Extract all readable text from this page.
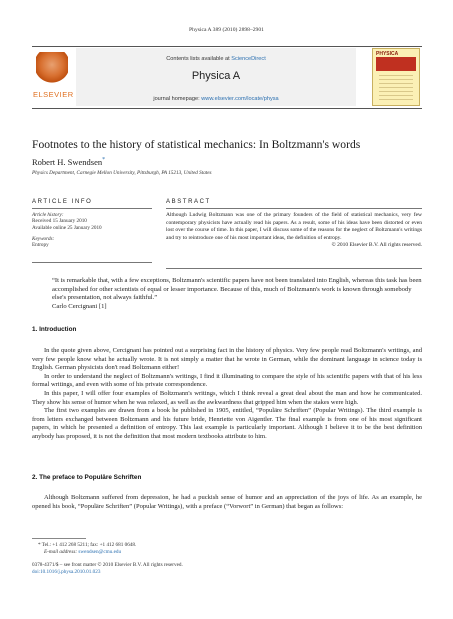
Physica A 389 (2010) 2898–2901
ELSEVIER
Contents lists available at ScienceDirect
Physica A
journal homepage: www.elsevier.com/locate/physa
PHYSICA
Footnotes to the history of statistical mechanics: In Boltzmann's words
Robert H. Swendsen*
Physics Department, Carnegie Mellon University, Pittsburgh, PA 15213, United States
ARTICLE INFO
Article history:
Received 15 January 2010
Available online 25 January 2010
Keywords:
Entropy
ABSTRACT
Although Ludwig Boltzmann was one of the primary founders of the field of statistical mechanics, very few contemporary physicists have actually read his papers. As a result, some of his ideas have been distorted or even lost over the course of time. In this paper, I will discuss some of the reasons for the neglect of Boltzmann's writings and try to reintroduce one of his most important ideas, the definition of entropy.
© 2010 Elsevier B.V. All rights reserved.
“It is remarkable that, with a few exceptions, Boltzmann's scientific papers have not been translated into English, whereas this task has been accomplished for other scientists of equal or lesser importance. Because of this, much of Boltzmann's work is known through somebody else's presentation, not always faithful.”
Carlo Cercignani [1]
1. Introduction

In the quote given above, Cercignani has pointed out a surprising fact in the history of physics. Very few people read Boltzmann's writings, and very few people know what he actually wrote. It is not simply a matter that he wrote in German, while the dominant language in science today is English. German physicists don't read Boltzmann either!

In order to understand the neglect of Boltzmann's writings, I find it illuminating to compare the style of his scientific papers with that of his less formal writings, and even with some of his private correspondence.

In this paper, I will offer four examples of Boltzmann's writings, which I think reveal a great deal about the man and how he communicated. They show his sense of humor when he was relaxed, as well as the awkwardness that gripped him when the stakes were high.

The first two examples are drawn from a book he published in 1905, entitled, “Populäre Schriften” (Popular Writings). The third example is from letters exchanged between Boltzmann and his future bride, Henriette von Aigentler. The final example is from one of his most significant papers, in which he presented a definition of entropy. This last example is particularly important. Although I believe it to be the best definition anybody has proposed, it is not the definition that most modern textbooks attribute to him.

2. The preface to Populäre Schriften

Although Boltzmann suffered from depression, he had a puckish sense of humor and an appreciation of the joys of life. As an example, he opened his book, “Populäre Schriften” (Popular Writings), with a preface (“Vorwort” in German) that began as follows:

* Tel.: +1 412 268 5211; fax: +1 412 681 0648.
E-mail address: swendsen@cmu.edu
0378-4371/$ – see front matter © 2010 Elsevier B.V. All rights reserved.
doi:10.1016/j.physa.2010.01.023
